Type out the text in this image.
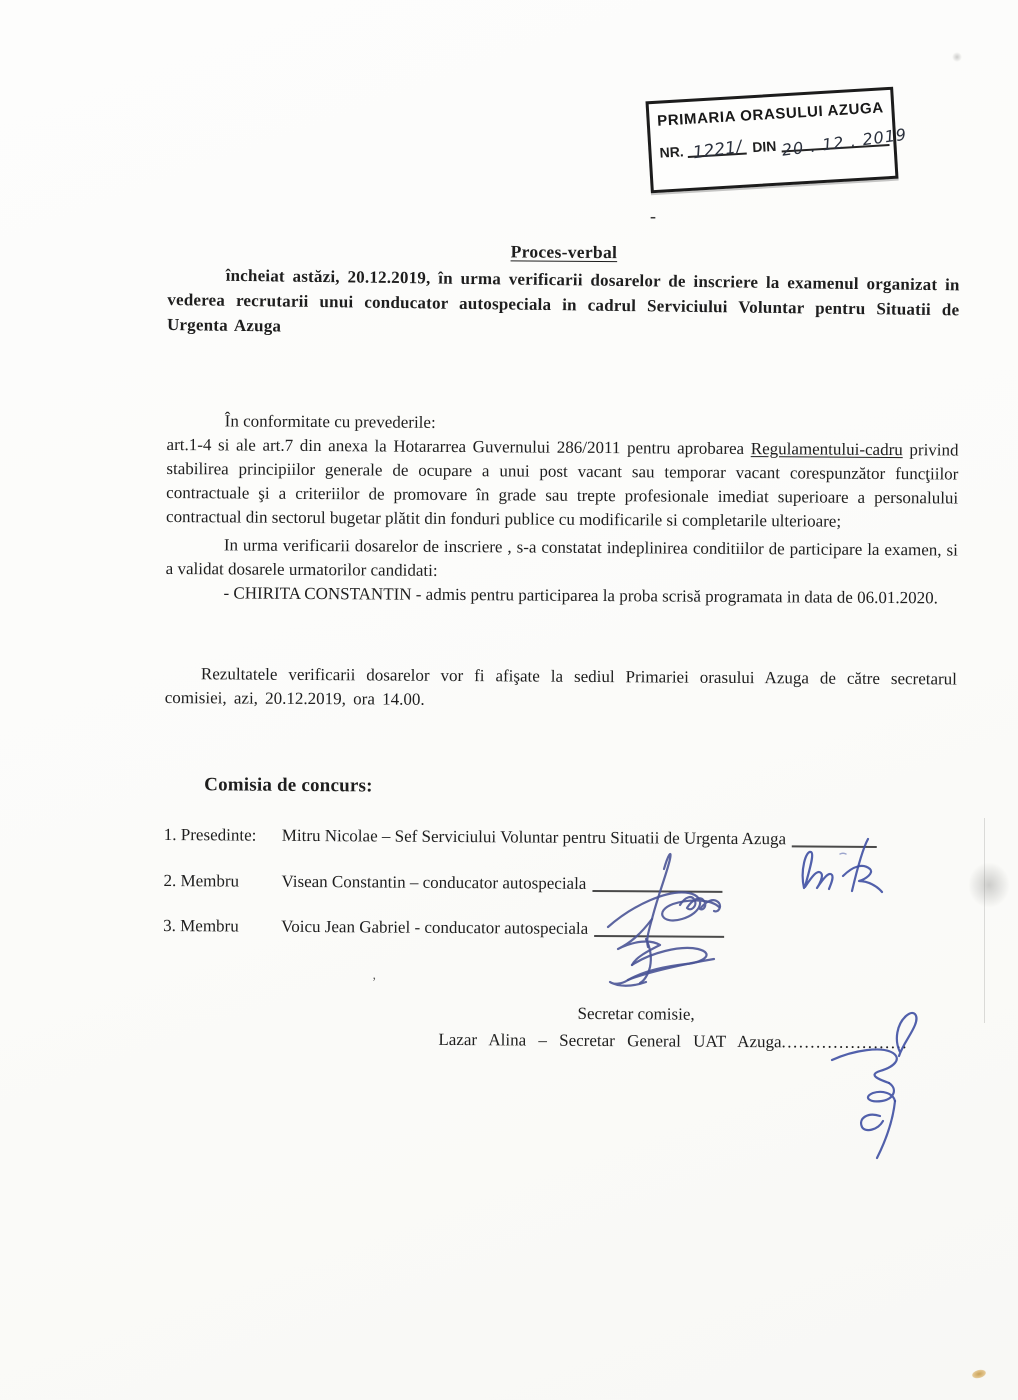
PRIMARIA ORASULUI AZUGA
NR. 1221/ DIN 20 . 12 . 2019
-
’
Proces-verbal

încheiat astăzi, 20.12.2019, în urma verificarii dosarelor de inscriere la examenul organizat in vederea recrutarii unui conducator autospeciala in cadrul Serviciului Voluntar pentru Situatii de Urgenta Azuga

În conformitate cu prevederile:

art.1-4 si ale art.7 din anexa la Hotararrea Guvernului 286/2011 pentru aprobarea Regulamentului-cadru privind stabilirea principiilor generale de ocupare a unui post vacant sau temporar vacant corespunzător funcţiilor contractuale şi a criteriilor de promovare în grade sau trepte profesionale imediat superioare a personalului contractual din sectorul bugetar plătit din fonduri publice cu modificarile si completarile ulterioare;

In urma verificarii dosarelor de inscriere , s-a constatat indeplinirea conditiilor de participare la examen, si a validat dosarele urmatorilor candidati:

- CHIRITA CONSTANTIN - admis pentru participarea la proba scrisă programata in data de 06.01.2020.

Rezultatele verificarii dosarelor vor fi afişate la sediul Primariei orasului Azuga de către secretarul comisiei, azi, 20.12.2019, ora 14.00.

Comisia de concurs:
1. Presedinte: Mitru Nicolae – Sef Serviciului Voluntar pentru Situatii de Urgenta Azuga
2. Membru Visean Constantin – conducator autospeciala
3. Membru Voicu Jean Gabriel - conducator autospeciala
Secretar comisie,
Lazar Alina – Secretar General UAT Azuga......................
